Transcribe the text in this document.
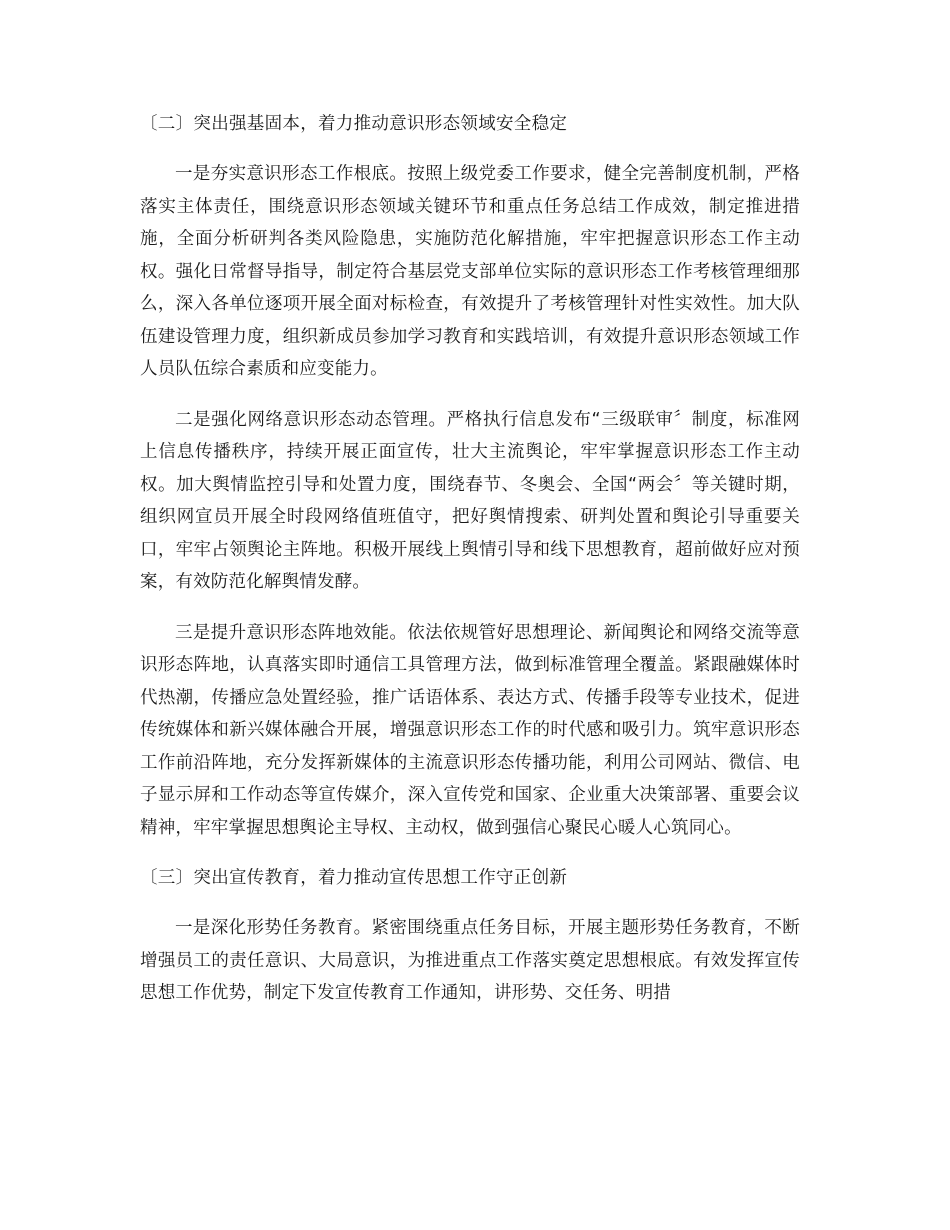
〔二〕突出强基固本，着力推动意识形态领域安全稳定

一是夯实意识形态工作根底。按照上级党委工作要求，健全完善制度机制，严格落实主体责任，围绕意识形态领域关键环节和重点任务总结工作成效，制定推进措施，全面分析研判各类风险隐患，实施防范化解措施，牢牢把握意识形态工作主动权。强化日常督导指导，制定符合基层党支部单位实际的意识形态工作考核管理细那么，深入各单位逐项开展全面对标检查，有效提升了考核管理针对性实效性。加大队伍建设管理力度，组织新成员参加学习教育和实践培训，有效提升意识形态领域工作人员队伍综合素质和应变能力。

二是强化网络意识形态动态管理。严格执行信息发布“三级联审〞制度，标准网上信息传播秩序，持续开展正面宣传，壮大主流舆论，牢牢掌握意识形态工作主动权。加大舆情监控引导和处置力度，围绕春节、冬奥会、全国“两会〞等关键时期，组织网宣员开展全时段网络值班值守，把好舆情搜索、研判处置和舆论引导重要关口，牢牢占领舆论主阵地。积极开展线上舆情引导和线下思想教育，超前做好应对预案，有效防范化解舆情发酵。

三是提升意识形态阵地效能。依法依规管好思想理论、新闻舆论和网络交流等意识形态阵地，认真落实即时通信工具管理方法，做到标准管理全覆盖。紧跟融媒体时代热潮，传播应急处置经验，推广话语体系、表达方式、传播手段等专业技术，促进传统媒体和新兴媒体融合开展，增强意识形态工作的时代感和吸引力。筑牢意识形态工作前沿阵地，充分发挥新媒体的主流意识形态传播功能，利用公司网站、微信、电子显示屏和工作动态等宣传媒介，深入宣传党和国家、企业重大决策部署、重要会议精神，牢牢掌握思想舆论主导权、主动权，做到强信心聚民心暖人心筑同心。

〔三〕突出宣传教育，着力推动宣传思想工作守正创新

一是深化形势任务教育。紧密围绕重点任务目标，开展主题形势任务教育，不断增强员工的责任意识、大局意识，为推进重点工作落实奠定思想根底。有效发挥宣传思想工作优势，制定下发宣传教育工作通知，讲形势、交任务、明措
